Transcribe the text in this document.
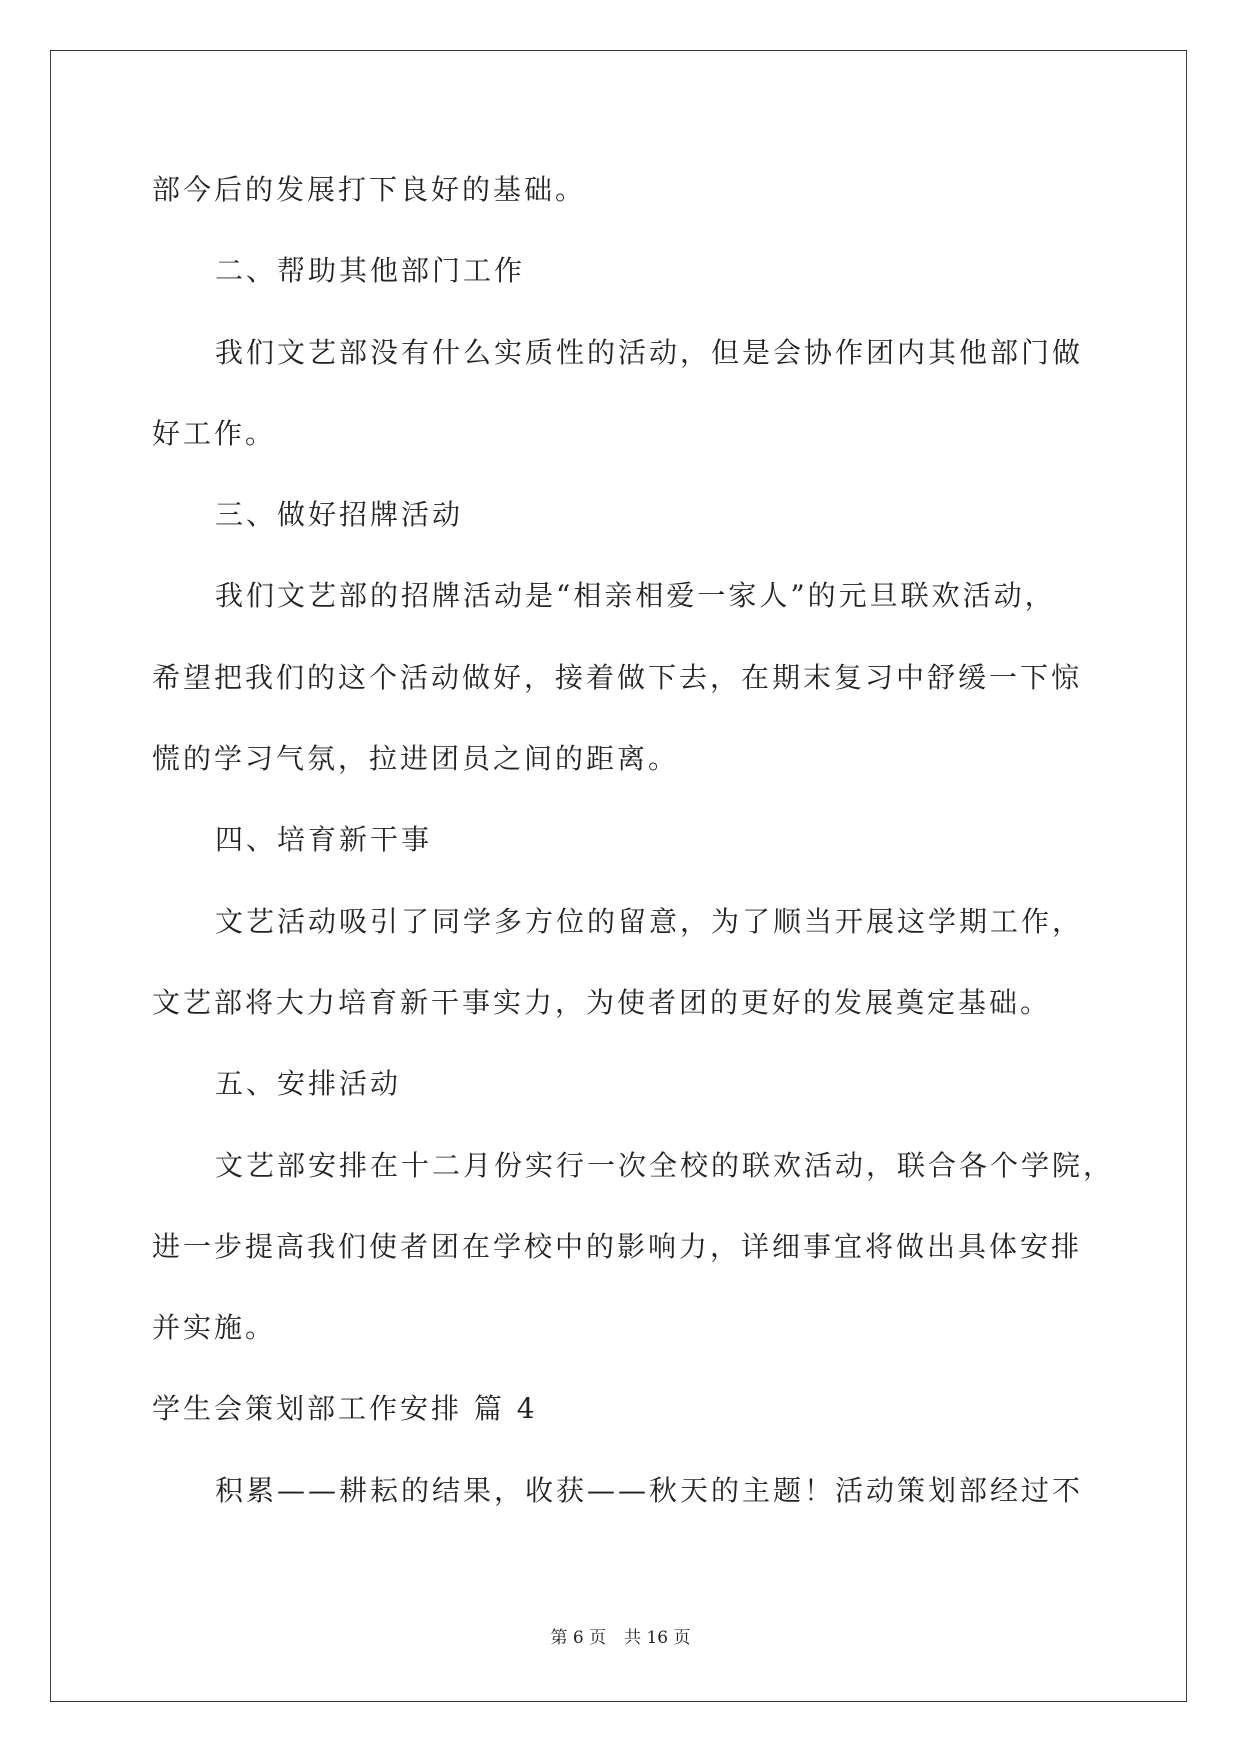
部今后的发展打下良好的基础。
二、帮助其他部门工作
我们文艺部没有什么实质性的活动，但是会协作团内其他部门做
好工作。
三、做好招牌活动
我们文艺部的招牌活动是“相亲相爱一家人”的元旦联欢活动，
希望把我们的这个活动做好，接着做下去，在期末复习中舒缓一下惊
慌的学习气氛，拉进团员之间的距离。
四、培育新干事
文艺活动吸引了同学多方位的留意，为了顺当开展这学期工作，
文艺部将大力培育新干事实力，为使者团的更好的发展奠定基础。
五、安排活动
文艺部安排在十二月份实行一次全校的联欢活动，联合各个学院，
进一步提高我们使者团在学校中的影响力，详细事宜将做出具体安排
并实施。
学生会策划部工作安排 篇 4
积累——耕耘的结果，收获——秋天的主题！活动策划部经过不
第 6 页 共 16 页
